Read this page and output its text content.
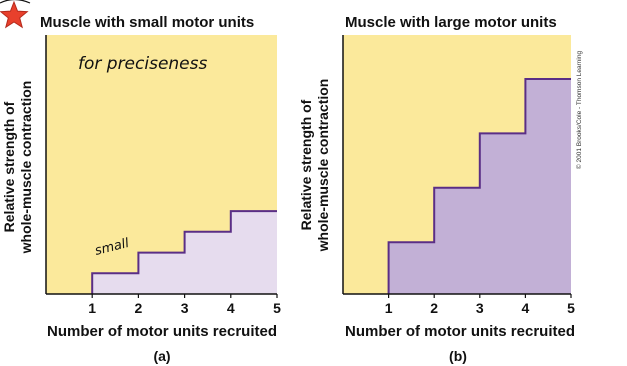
Muscle with small motor units
1	2	3	4	5
Relative strength of whole-muscle contraction
Number of motor units recruited
(a)
for preciseness
small
Muscle with large motor units
1	2	3	4	5
Relative strength of whole-muscle contraction
Number of motor units recruited
(b)
© 2001 Brooks/Cole - Thomson Learning
